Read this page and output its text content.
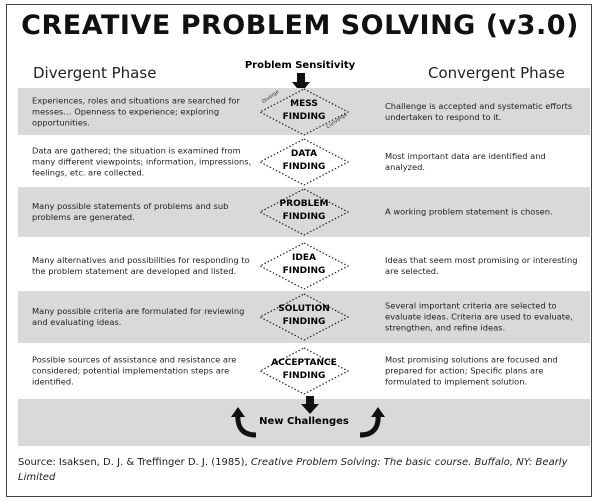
CREATIVE PROBLEM SOLVING (v3.0)
Divergent Phase	Convergent Phase
Problem Sensitivity
Experiences, roles and situations are searched for messes… Openness to experience; exploring opportunities.
MESS
FINDING
Diverge
Converge
Challenge is accepted and systematic efforts undertaken to respond to it.
Data are gathered; the situation is examined from many different viewpoints; information, impressions, feelings, etc. are collected.
DATA
FINDING
Most important data are identified and analyzed.
Many possible statements of problems and sub problems are generated.
PROBLEM
FINDING
A working problem statement is chosen.
Many alternatives and possibilities for responding to the problem statement are developed and listed.
IDEA
FINDING
Ideas that seem most promising or interesting are selected.
Many possible criteria are formulated for reviewing and evaluating ideas.
SOLUTION
FINDING
Several important criteria are selected to evaluate ideas. Criteria are used to evaluate, strengthen, and refine ideas.
Possible sources of assistance and resistance are considered; potential implementation steps are identified.
ACCEPTANCE
FINDING
Most promising solutions are focused and prepared for action; Specific plans are formulated to implement solution.
New Challenges
Source: Isaksen, D. J. & Treffinger D. J. (1985), Creative Problem Solving: The basic course. Buffalo, NY: Bearly Limited
